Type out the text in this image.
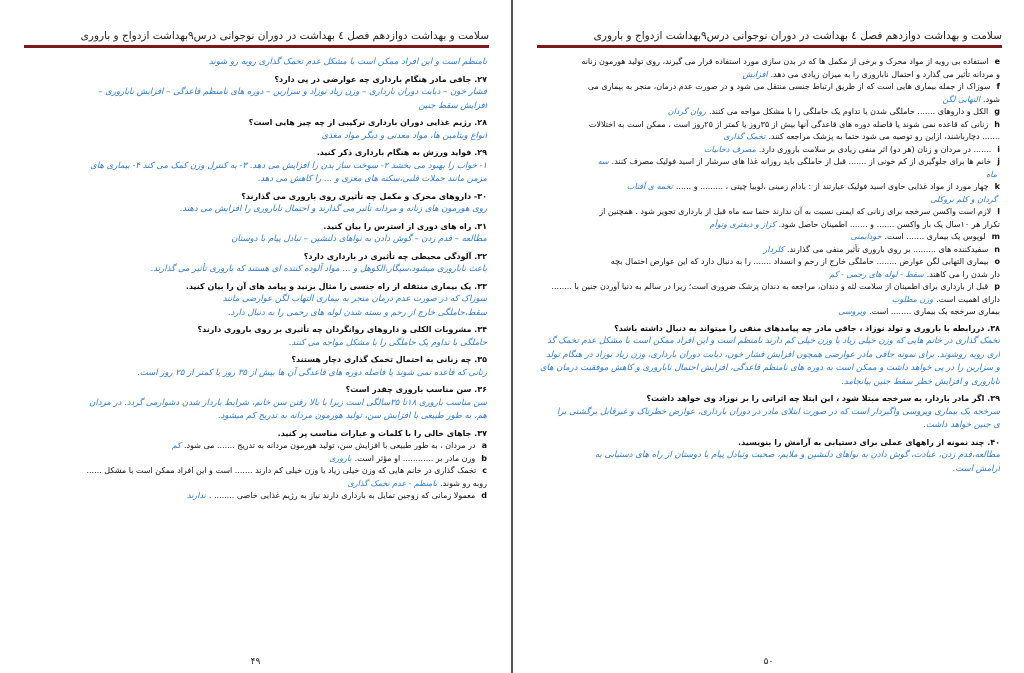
سلامت و بهداشت دوازدهم فصل ٤ بهداشت در دوران نوجوانی درس٩بهداشت ازدواج و باروری
نامنظم است و این افراد ممکن است با مشکل عدم تخمک گذاری روبه رو شوند
۲۷. جاقی مادر هنگام بارداری چه عوارضی در پی دارد؟
فشار خون – دیابت دوران بارداری – وزن زیاد نوزاد و سزارین – دوره های نامنظم قاعدگی – افزایش ناباروری –
افزایش سقط جنین
۲۸. رژیم غذایی دوران بارداری ترکیبی از چه چیز هایی است؟
انواع ویتامین ها، مواد معدنی و دیگر مواد مغذی
۲۹. فواید ورزش به هنگام بارداری ذکر کنید.
۱- خواب را بهبود می بخشد ۲- سوخت ساز بدن را افزایش می دهد. ۳- به کنترل وزن کمک می کند ۴- بیماری های
مزمن مانند حملات قلبی،سکته های مغزی و ... را کاهش می دهد.
۳۰- داروهای محرک و مکمل چه تأثیری روی باروری می گذارند؟
روی هورمون های زنانه و مردانه تأثیر می گذارند و احتمال ناباروری را افزایش می دهند.
۳۱. راه های دوری از استرس را بیان کنید.
مطالعه – قدم زدن – گوش دادن به نواهای دلنشین – تبادل پیام با دوستان
۳۲. آلودگی محیطی چه تأثیری در بارداری دارد؟
باعث ناباروری میشود،سیگار،الکوهل و ... مواد آلوده کننده ای هستند که باروری تأثیر می گذارند.
۳۳. یک بیماری منتقله از راه جنسی را مثال بزنید و پیامد های آن را بیان کنید.
سوزاک که در صورت عدم درمان منجر به بیماری التهاب لگن عوارضی مانند
سقط،حاملگی خارج از رحم و بسته شدن لوله های رحمی را به دنبال دارد.
۳۴. مشروبات الکلی و داروهای روانگردان چه تأثیری بر روی باروری دارند؟
حاملگی با تداوم یک حاملگی را با مشکل مواجه می کنند.
۳۵. چه زنانی به احتمال تخمک گذاری دچار هستند؟
زنانی که قاعده نمی شوند یا فاصله دوره های قاعدگی آن ها بیش از ۳۵ روز یا کمتر از ۲۵ روز است.
۳۶. سن مناسب باروری چقدر است؟
سن مناسب باروری ۱۸تا ۳۵سالگی است زیرا با بالا رفتن سن خانم، شرایط باردار شدن دشوارمی گردد. در مردان
هم، به طور طبیعی با افزایش سن، تولید هورمون مردانه به تدریج کم میشود.
۳۷. جاهای خالی را با کلمات و عبارات مناسب پر کنید.
aدر مردان ، به طور طبیعی با افزایش سن، تولید هورمون مردانه به تدریج ....... می شود.کم
bوزن مادر بر ............ او مؤثر است.باروری
cتخمک گذاری در خانم هایی که وزن خیلی زیاد یا وزن خیلی کم دارند ....... است و این افراد ممکن است با مشکل ......
روبه رو شوند.نامنظم - عدم تخمک گذاری
dمعمولا زمانی که زوجین تمایل به بارداری دارند نیاز به رژیم غذایی خاصی ........ .ندارند
۴۹
سلامت و بهداشت دوازدهم فصل ٤ بهداشت در دوران نوجوانی درس٩بهداشت ازدواج و باروری
eاستفاده بی رویه از مواد محرک و برخی از مکمل ها که در بدن سازی مورد استفاده قرار می گیرند، روی تولید هورمون زنانه
و مردانه تأثیر می گذارد و احتمال ناباروری را به میزان زیادی می دهد.افزایش
fسوزاک از جمله بیماری هایی است که از طریق ارتباط جنسی منتقل می شود و در صورت عدم درمان، منجر به بیماری می
شود.التهابی لگن
gالکل و داروهای ....... حاملگی شدن یا تداوم یک حاملگی را با مشکل مواجه می کنند.روان گردان
hزنانی که قاعده نمی شوند یا فاصله دوره های قاعدگی آنها بیش از ۳۵روز یا کمتر از ۲۵روز است ، ممکن است به اختلالات
....... دچارباشند، ازاین رو توصیه می شود حتما به پزشک مراجعه کنند.تخمک گذاری
i....... در مردان و زنان (هر دو) اثر منفی زیادی بر سلامت باروری دارد.مصرف دخانیات
jخانم ها برای جلوگیری از کم خونی از ....... قبل از حاملگی باید روزانه غذا های سرشار از اسید فولیک مصرف کنند.سه
ماه
kچهار مورد از مواد غذایی حاوی اسید فولیک عبارتند از : بادام زمینی ،لوبیا چیتی ، ......... و ......تخمه ی آفتاب
گردان و کلم بروکلی
lلازم است واکسن سرخجه برای زنانی که ایمنی نسبت به آن ندارند حتما سه ماه قبل از بارداری تجویز شود . همچنین از
تکرار هر ۱۰سال یک بار واکسن ....... و ....... اطمینان حاصل شود.کزاز و دیفتری وتوأم
mلوپوس یک بیماری ....... است.خودایمنی
nسفیدکننده های ......... بر روی باروری تأثیر منفی می گذارند.کلردار
oبیماری التهابی لگن عوارض ........ حاملگی خارج از رحم و انسداد ....... را به دنبال دارد که این عوارض احتمال بچه
دار شدن را می کاهند.سقط - لوله های رحمی - کم
pقبل از بارداری برای اطمینان از سلامت لثه و دندان، مراجعه به دندان پزشک ضروری است؛ زیرا در سالم به دنیا آوردن جنین با ........
دارای اهمیت است.وزن مطلوب
بیماری سرخجه یک بیماری ........ است.ویروسی
۳۸. دررابطه با باروری و تولد نوزاد ، جاقی مادر چه پیامدهای منفی را میتواند به دنبال داشته باشد؟
تخمک گذاری در خانم هایی که وزن خیلی زیاد یا وزن خیلی کم دارند نامنظم است و این افراد ممکن است با مشکل عدم تخمک گذ
اری روبه روشوند. برای نمونه جاقی مادر عوارضی همچون افزایش فشار خون، دیابت دوران بارداری، وزن زیاد نوزاد در هنگام تولد
و سزارین را در پی خواهد داشت و ممکن است به دوره های نامنظم قاعدگی، افزایش احتمال ناباروری و کاهش موفقیت درمان های
ناباروری و افزایش خطر سقط جنین بیانجامد.
۳۹. اگر مادر باردار، به سرخجه مبتلا شود ، این ابتلا چه اثراتی را بر نوزاد وی خواهد داشت؟
سرخجه یک بیماری ویروسی واگیردار است که در صورت ابتلای مادر در دوران بارداری، عوارض خطرناک و غیرقابل برگشتی برا
ی جنین خواهد داشت.
۴۰. چند نمونه از راههای عملی برای دستیابی به آرامش را بنویسید.
مطالعه،قدم زدن، عبادت، گوش دادن به نواهای دلنشین و ملایم، صحبت وتبادل پیام با دوستان از راه های دستیابی به
آرامش است.
۵۰
